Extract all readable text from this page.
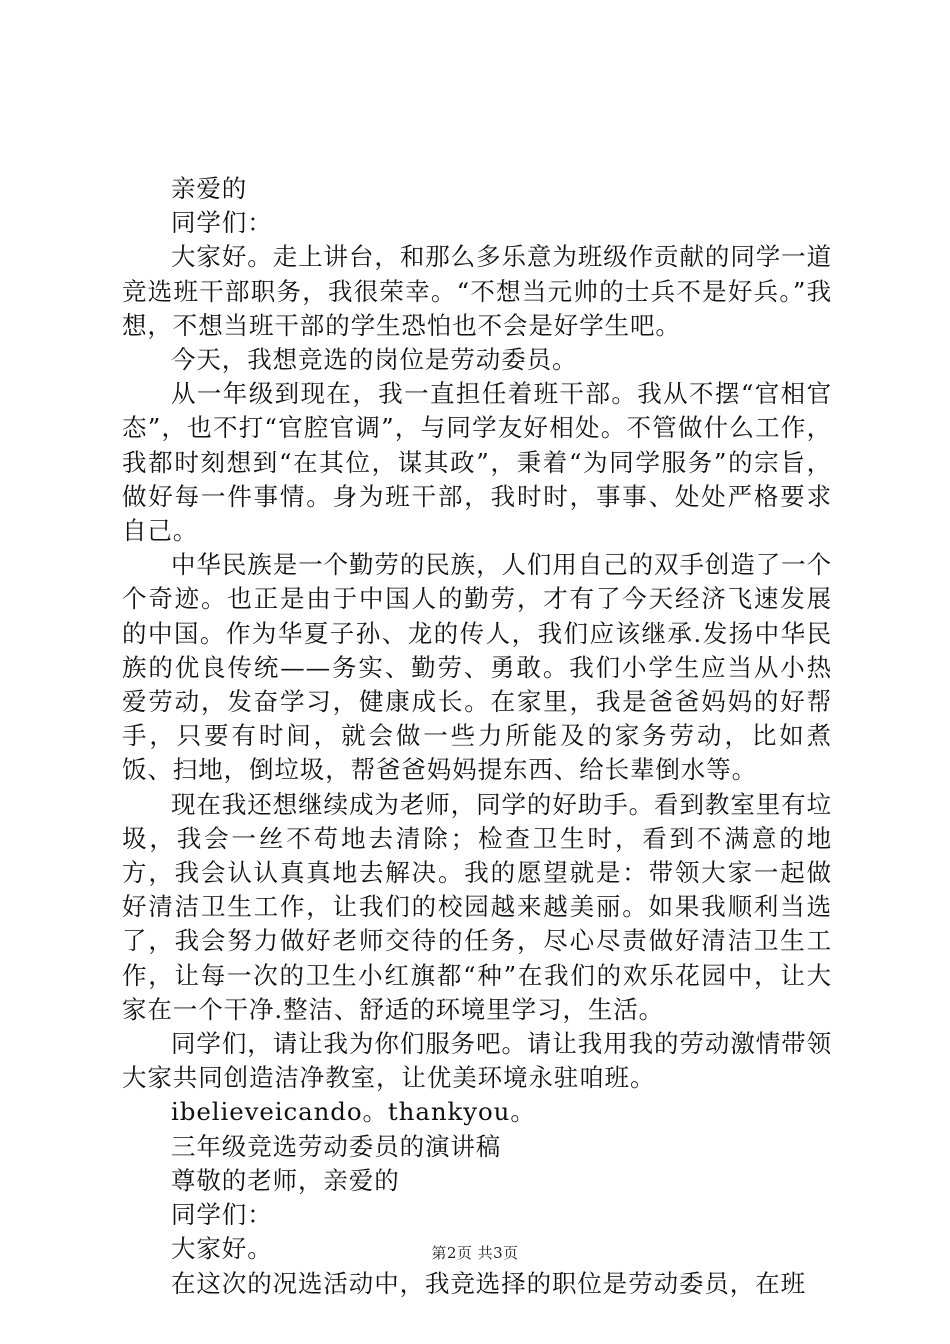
亲爱的

同学们：

大家好。走上讲台，和那么多乐意为班级作贡献的同学一道竞选班干部职务，我很荣幸。“不想当元帅的士兵不是好兵。”我想，不想当班干部的学生恐怕也不会是好学生吧。

今天，我想竞选的岗位是劳动委员。

从一年级到现在，我一直担任着班干部。我从不摆“官相官态”，也不打“官腔官调”，与同学友好相处。不管做什么工作，我都时刻想到“在其位，谋其政”，秉着“为同学服务”的宗旨，做好每一件事情。身为班干部，我时时，事事、处处严格要求自己。

中华民族是一个勤劳的民族，人们用自己的双手创造了一个个奇迹。也正是由于中国人的勤劳，才有了今天经济飞速发展的中国。作为华夏子孙、龙的传人，我们应该继承.发扬中华民族的优良传统——务实、勤劳、勇敢。我们小学生应当从小热爱劳动，发奋学习，健康成长。在家里，我是爸爸妈妈的好帮手，只要有时间，就会做一些力所能及的家务劳动，比如煮饭、扫地，倒垃圾，帮爸爸妈妈提东西、给长辈倒水等。

现在我还想继续成为老师，同学的好助手。看到教室里有垃圾，我会一丝不苟地去清除；检查卫生时，看到不满意的地方，我会认认真真地去解决。我的愿望就是：带领大家一起做好清洁卫生工作，让我们的校园越来越美丽。如果我顺利当选了，我会努力做好老师交待的任务，尽心尽责做好清洁卫生工作，让每一次的卫生小红旗都“种”在我们的欢乐花园中，让大家在一个干净.整洁、舒适的环境里学习，生活。

同学们，请让我为你们服务吧。请让我用我的劳动激情带领大家共同创造洁净教室，让优美环境永驻咱班。

ibelieveicando。thankyou。

三年级竞选劳动委员的演讲稿

尊敬的老师，亲爱的

同学们：

大家好。

在这次的况选活动中，我竞选择的职位是劳动委员，在班

第2页 共3页
